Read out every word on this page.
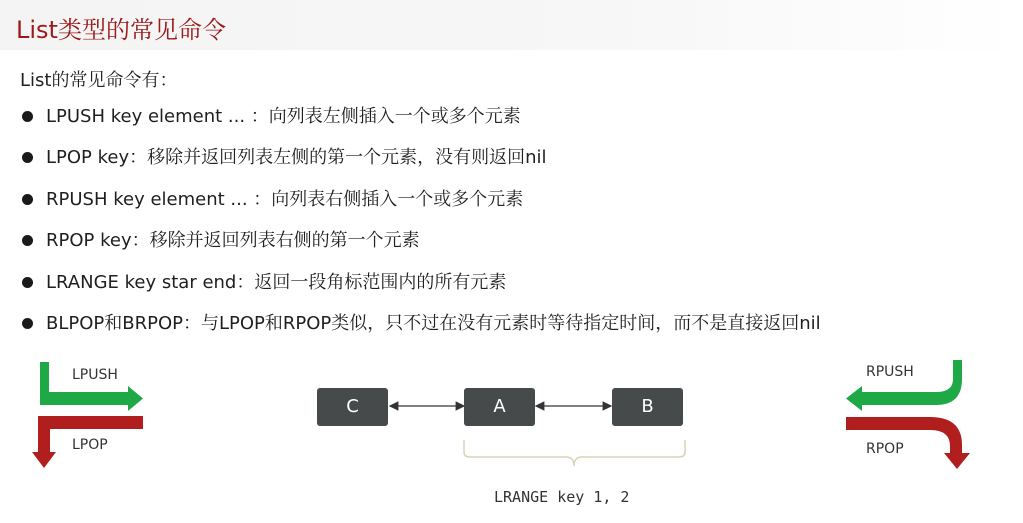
List类型的常见命令
List的常见命令有：
LPUSH key element ... ：向列表左侧插入一个或多个元素
LPOP key：移除并返回列表左侧的第一个元素，没有则返回nil
RPUSH key element ... ：向列表右侧插入一个或多个元素
RPOP key：移除并返回列表右侧的第一个元素
LRANGE key star end：返回一段角标范围内的所有元素
BLPOP和BRPOP：与LPOP和RPOP类似，只不过在没有元素时等待指定时间，而不是直接返回nil
LPUSH
LPOP
RPUSH
RPOP
C	A	B
LRANGE key 1, 2
